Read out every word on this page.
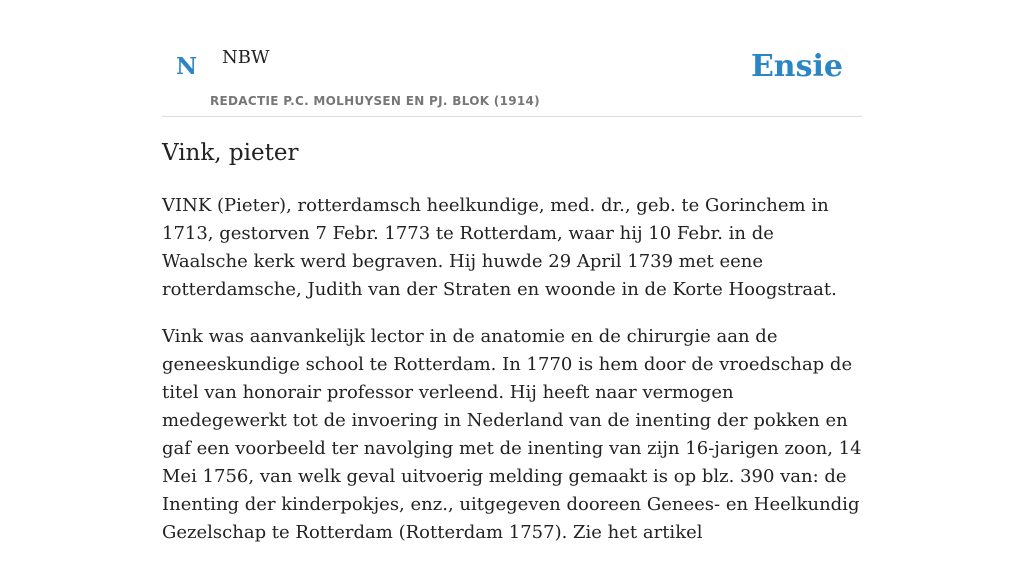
N NBW
REDACTIE P.C. MOLHUYSEN EN PJ. BLOK (1914)
Ensie
Vink, pieter

VINK (Pieter), rotterdamsch heelkundige, med. dr., geb. te Gorinchem in 1713, gestorven 7 Febr. 1773 te Rotterdam, waar hij 10 Febr. in de Waalsche kerk werd begraven. Hij huwde 29 April 1739 met eene rotterdamsche, Judith van der Straten en woonde in de Korte Hoogstraat.

Vink was aanvankelijk lector in de anatomie en de chirurgie aan de geneeskundige school te Rotterdam. In 1770 is hem door de vroedschap de titel van honorair professor verleend. Hij heeft naar vermogen medegewerkt tot de invoering in Nederland van de inenting der pokken en gaf een voorbeeld ter navolging met de inenting van zijn 16-jarigen zoon, 14 Mei 1756, van welk geval uitvoerig melding gemaakt is op blz. 390 van: de Inenting der kinderpokjes, enz., uitgegeven dooreen Genees- en Heelkundig Gezelschap te Rotterdam (Rotterdam 1757). Zie het artikel
